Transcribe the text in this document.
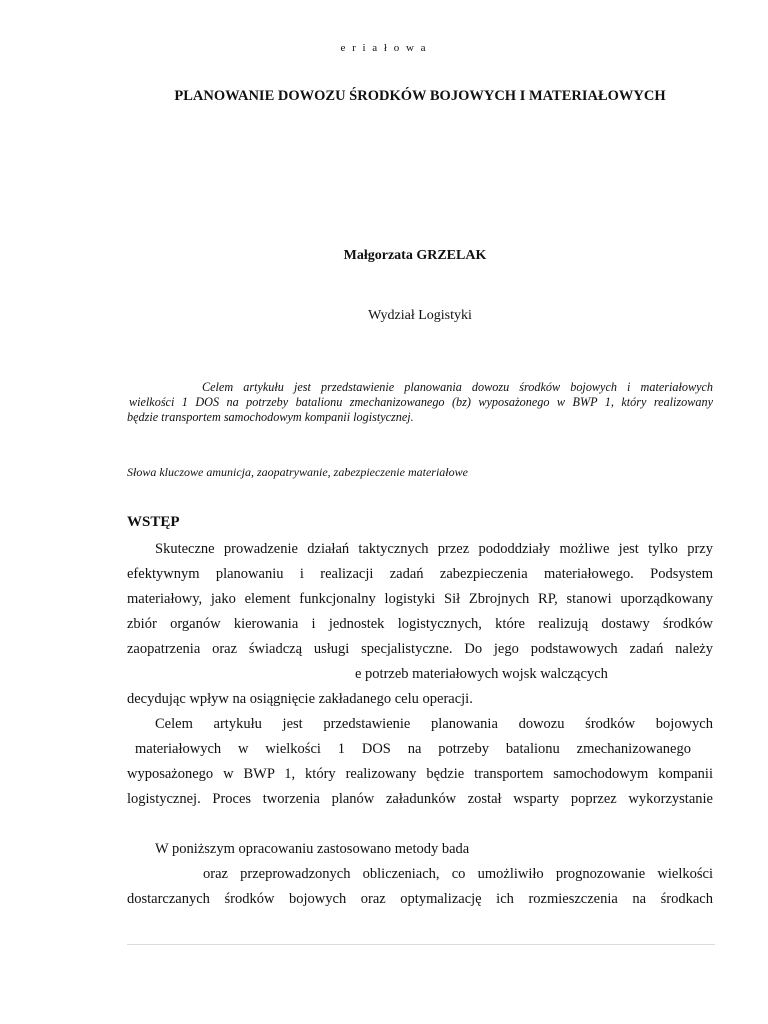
e r i a ł o w a
PLANOWANIE DOWOZU ŚRODKÓW BOJOWYCH I MATERIAŁOWYCH
Małgorzata GRZELAK
Wydział Logistyki
Celem artykułu jest przedstawienie planowania dowozu środków bojowych i materiałowych
wielkości 1 DOS na potrzeby batalionu zmechanizowanego (bz) wyposażonego w BWP 1, który realizowany
będzie transportem samochodowym kompanii logistycznej.
Słowa kluczowe amunicja, zaopatrywanie, zabezpieczenie materiałowe
WSTĘP
Skuteczne prowadzenie działań taktycznych przez pododdziały możliwe jest tylko przy
efektywnym planowaniu i realizacji zadań zabezpieczenia materiałowego. Podsystem
materiałowy, jako element funkcjonalny logistyki Sił Zbrojnych RP, stanowi uporządkowany
zbiór organów kierowania i jednostek logistycznych, które realizują dostawy środków
zaopatrzenia oraz świadczą usługi specjalistyczne. Do jego podstawowych zadań należy
e potrzeb materiałowych wojsk walczących
decydując wpływ na osiągnięcie zakładanego celu operacji.
Celem artykułu jest przedstawienie planowania dowozu środków bojowych
materiałowych w wielkości 1 DOS na potrzeby batalionu zmechanizowanego
wyposażonego w BWP 1, który realizowany będzie transportem samochodowym kompanii
logistycznej. Proces tworzenia planów załadunków został wsparty poprzez wykorzystanie
W poniższym opracowaniu zastosowano metody bada
oraz przeprowadzonych obliczeniach, co umożliwiło prognozowanie wielkości
dostarczanych środków bojowych oraz optymalizację ich rozmieszczenia na środkach
